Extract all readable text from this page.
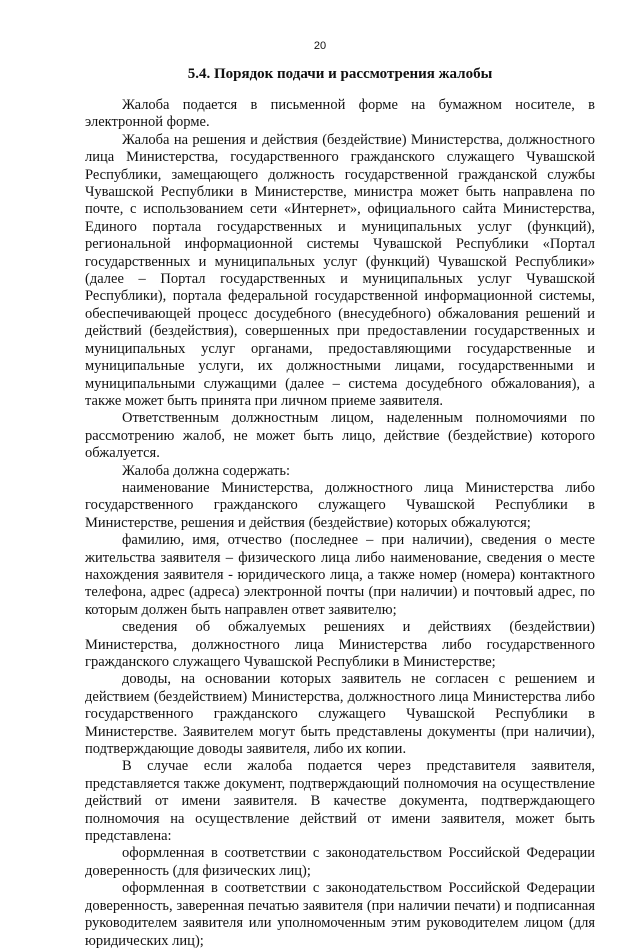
20
5.4. Порядок подачи и рассмотрения жалобы

Жалоба подается в письменной форме на бумажном носителе, в электронной форме.

Жалоба на решения и действия (бездействие) Министерства, должностного лица Министерства, государственного гражданского служащего Чувашской Республики, замещающего должность государственной гражданской службы Чувашской Республики в Министерстве, министра может быть направлена по почте, с использованием сети «Интернет», официального сайта Министерства, Единого портала государственных и муниципальных услуг (функций), региональной информационной системы Чувашской Республики «Портал государственных и муниципальных услуг (функций) Чувашской Республики» (далее – Портал государственных и муниципальных услуг Чувашской Республики), портала федеральной государственной информационной системы, обеспечивающей процесс досудебного (внесудебного) обжалования решений и действий (бездействия), совершенных при предоставлении государственных и муниципальных услуг органами, предоставляющими государственные и муниципальные услуги, их должностными лицами, государственными и муниципальными служащими (далее – система досудебного обжалования), а также может быть принята при личном приеме заявителя.

Ответственным должностным лицом, наделенным полномочиями по рассмотрению жалоб, не может быть лицо, действие (бездействие) которого обжалуется.

Жалоба должна содержать:

наименование Министерства, должностного лица Министерства либо государственного гражданского служащего Чувашской Республики в Министерстве, решения и действия (бездействие) которых обжалуются;

фамилию, имя, отчество (последнее – при наличии), сведения о месте жительства заявителя – физического лица либо наименование, сведения о месте нахождения заявителя - юридического лица, а также номер (номера) контактного телефона, адрес (адреса) электронной почты (при наличии) и почтовый адрес, по которым должен быть направлен ответ заявителю;

сведения об обжалуемых решениях и действиях (бездействии) Министерства, должностного лица Министерства либо государственного гражданского служащего Чувашской Республики в Министерстве;

доводы, на основании которых заявитель не согласен с решением и действием (бездействием) Министерства, должностного лица Министерства либо государственного гражданского служащего Чувашской Республики в Министерстве. Заявителем могут быть представлены документы (при наличии), подтверждающие доводы заявителя, либо их копии.

В случае если жалоба подается через представителя заявителя, представляется также документ, подтверждающий полномочия на осуществление действий от имени заявителя. В качестве документа, подтверждающего полномочия на осуществление действий от имени заявителя, может быть представлена:

оформленная в соответствии с законодательством Российской Федерации доверенность (для физических лиц);

оформленная в соответствии с законодательством Российской Федерации доверенность, заверенная печатью заявителя (при наличии печати) и подписанная руководителем заявителя или уполномоченным этим руководителем лицом (для юридических лиц);
